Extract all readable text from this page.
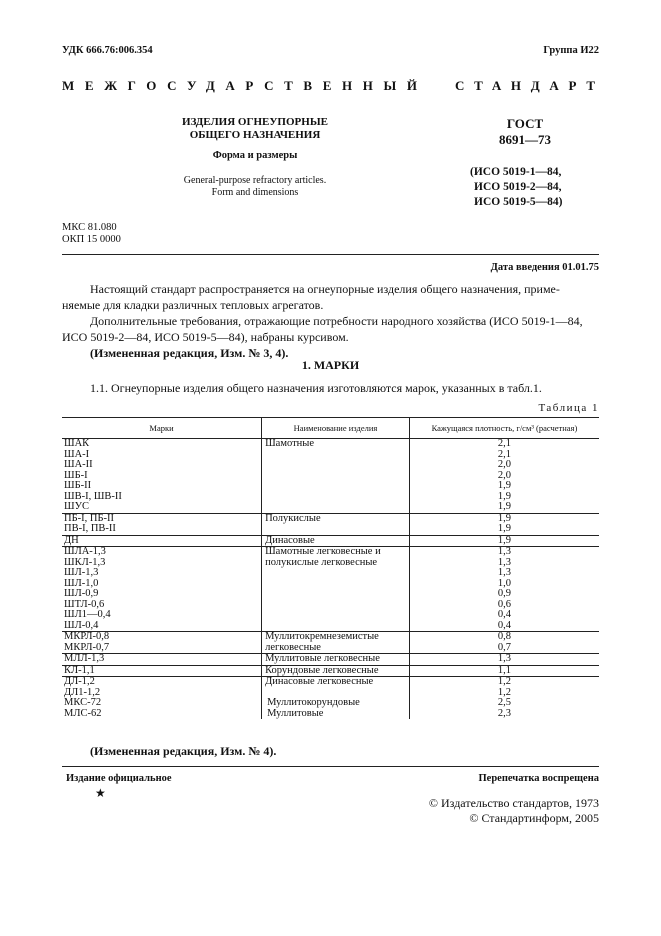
УДК 666.76:006.354	Группа И22
МЕЖГОСУДАРСТВЕННЫЙ СТАНДАРТ
ИЗДЕЛИЯ ОГНЕУПОРНЫЕ
ОБЩЕГО НАЗНАЧЕНИЯ
Форма и размеры
General-purpose refractory articles.
Form and dimensions
ГОСТ
8691—73
(ИСО 5019-1—84,
ИСО 5019-2—84,
ИСО 5019-5—84)
МКС 81.080
ОКП 15 0000
Дата введения 01.01.75
Настоящий стандарт распространяется на огнеупорные изделия общего назначения, приме-
няемые для кладки различных тепловых агрегатов.
Дополнительные требования, отражающие потребности народного хозяйства (ИСО 5019-1—84,
ИСО 5019-2—84, ИСО 5019-5—84), набраны курсивом.
(Измененная редакция, Изм. № 3, 4).
1. МАРКИ
1.1. Огнеупорные изделия общего назначения изготовляются марок, указанных в табл.1.
Таблица 1
Марки	Наименование изделия	Кажущаяся плотность, г/см³ (расчетная)
ШАК	Шамотные	2,1
ША-I		2,1
ША-II		2,0
ШБ-I		2,0
ШБ-II		1,9
ШВ-I, ШВ-II		1,9
ШУС		1,9
ПБ-I, ПБ-II	Полукислые	1,9
ПВ-I, ПВ-II		1,9
ДН	Динасовые	1,9
ШЛА-1,3	Шамотные легковесные и полукислые легковесные	1,3
ШКЛ-1,3		1,3
ШЛ-1,3		1,3
ШЛ-1,0		1,0
ШЛ-0,9		0,9
ШТЛ-0,6		0,6
ШЛ1—0,4		0,4
ШЛ-0,4		0,4
МКРЛ-0,8	Муллитокремнеземистые легковесные	0,8
МКРЛ-0,7		0,7
МЛЛ-1,3	Муллитовые легковесные	1,3
КЛ-1,1	Корундовые легковесные	1,1
ДЛ-1,2	Динасовые легковесные	1,2
ДЛ1-1,2		1,2
МКС-72	Муллитокорундовые	2,5
МЛС-62	Муллитовые	2,3
(Измененная редакция, Изм. № 4).
Издание официальное	Перепечатка воспрещена
★
© Издательство стандартов, 1973
© Стандартинформ, 2005
